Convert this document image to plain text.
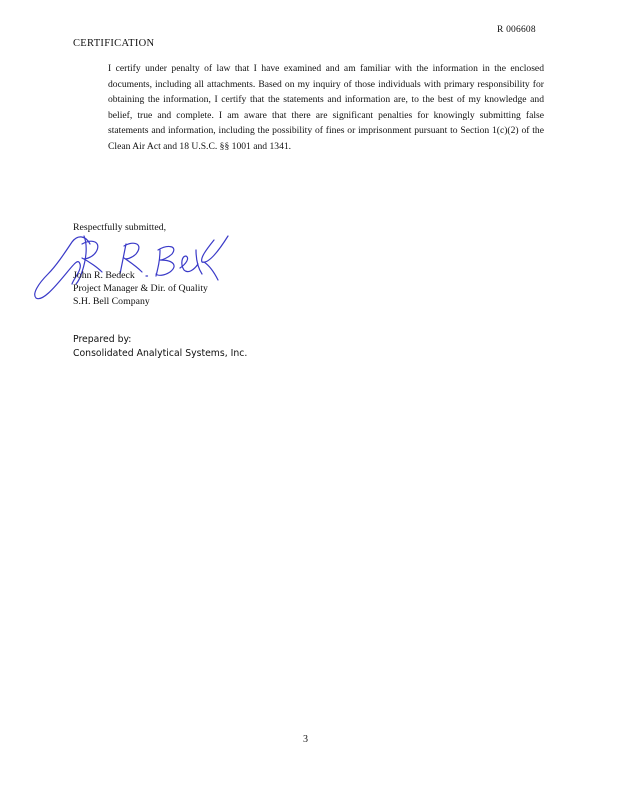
R 006608
CERTIFICATION
I certify under penalty of law that I have examined and am familiar with the information in the enclosed documents, including all attachments. Based on my inquiry of those individuals with primary responsibility for obtaining the information, I certify that the statements and information are, to the best of my knowledge and belief, true and complete. I am aware that there are significant penalties for knowingly submitting false statements and information, including the possibility of fines or imprisonment pursuant to Section 1(c)(2) of the Clean Air Act and 18 U.S.C. §§ 1001 and 1341.
Respectfully submitted,
John R. Bedeck
Project Manager & Dir. of Quality
S.H. Bell Company
Prepared by:
Consolidated Analytical Systems, Inc.
3
